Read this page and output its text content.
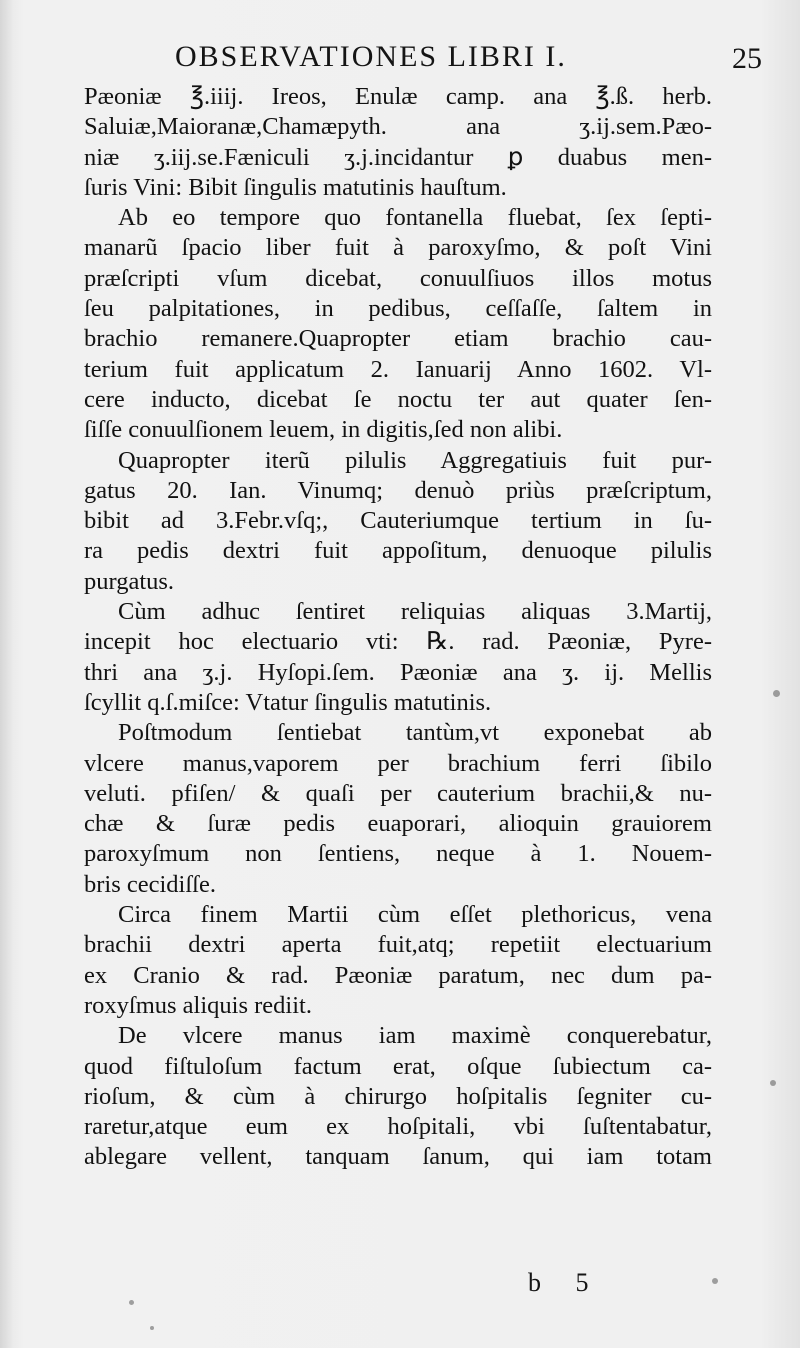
OBSERVATIONES LIBRI I.	25
Pæoniæ ℥.iiij. Ireos, Enulæ camp. ana ℥.ß. herb.
Saluiæ,Maioranæ,Chamæpyth. ana ʒ.ij.sem.Pæo-
niæ ʒ.iij.se.Fæniculi ʒ.j.incidantur ꝑ duabus men-
ſuris Vini: Bibit ſingulis matutinis hauſtum.
Ab eo tempore quo fontanella fluebat, ſex ſepti-
manarũ ſpacio liber fuit à paroxyſmo, & poſt Vini
præſcripti vſum dicebat, conuulſiuos illos motus
ſeu palpitationes, in pedibus, ceſſaſſe, ſaltem in
brachio remanere.Quapropter etiam brachio cau-
terium fuit applicatum 2. Ianuarij Anno 1602. Vl-
cere inducto, dicebat ſe noctu ter aut quater ſen-
ſiſſe conuulſionem leuem, in digitis,ſed non alibi.
Quapropter iterũ pilulis Aggregatiuis fuit pur-
gatus 20. Ian. Vinumq; denuò priùs præſcriptum,
bibit ad 3.Febr.vſq;, Cauteriumque tertium in ſu-
ra pedis dextri fuit appoſitum, denuoque pilulis
purgatus.
Cùm adhuc ſentiret reliquias aliquas 3.Martij,
incepit hoc electuario vti: ℞. rad. Pæoniæ, Pyre-
thri ana ʒ.j. Hyſopi.ſem. Pæoniæ ana ʒ. ij. Mellis
ſcyllit q.ſ.miſce: Vtatur ſingulis matutinis.
Poſtmodum ſentiebat tantùm,vt exponebat ab
vlcere manus,vaporem per brachium ferri ſibilo
veluti. pfiſen/ & quaſi per cauterium brachii,& nu-
chæ & ſuræ pedis euaporari, alioquin grauiorem
paroxyſmum non ſentiens, neque à 1. Nouem-
bris cecidiſſe.
Circa finem Martii cùm eſſet plethoricus, vena
brachii dextri aperta fuit,atq; repetiit electuarium
ex Cranio & rad. Pæoniæ paratum, nec dum pa-
roxyſmus aliquis rediit.
De vlcere manus iam maximè conquerebatur,
quod fiſtuloſum factum erat, oſque ſubiectum ca-
rioſum, & cùm à chirurgo hoſpitalis ſegniter cu-
raretur,atque eum ex hoſpitali, vbi ſuſtentabatur,
ablegare vellent, tanquam ſanum, qui iam totam
b 5
